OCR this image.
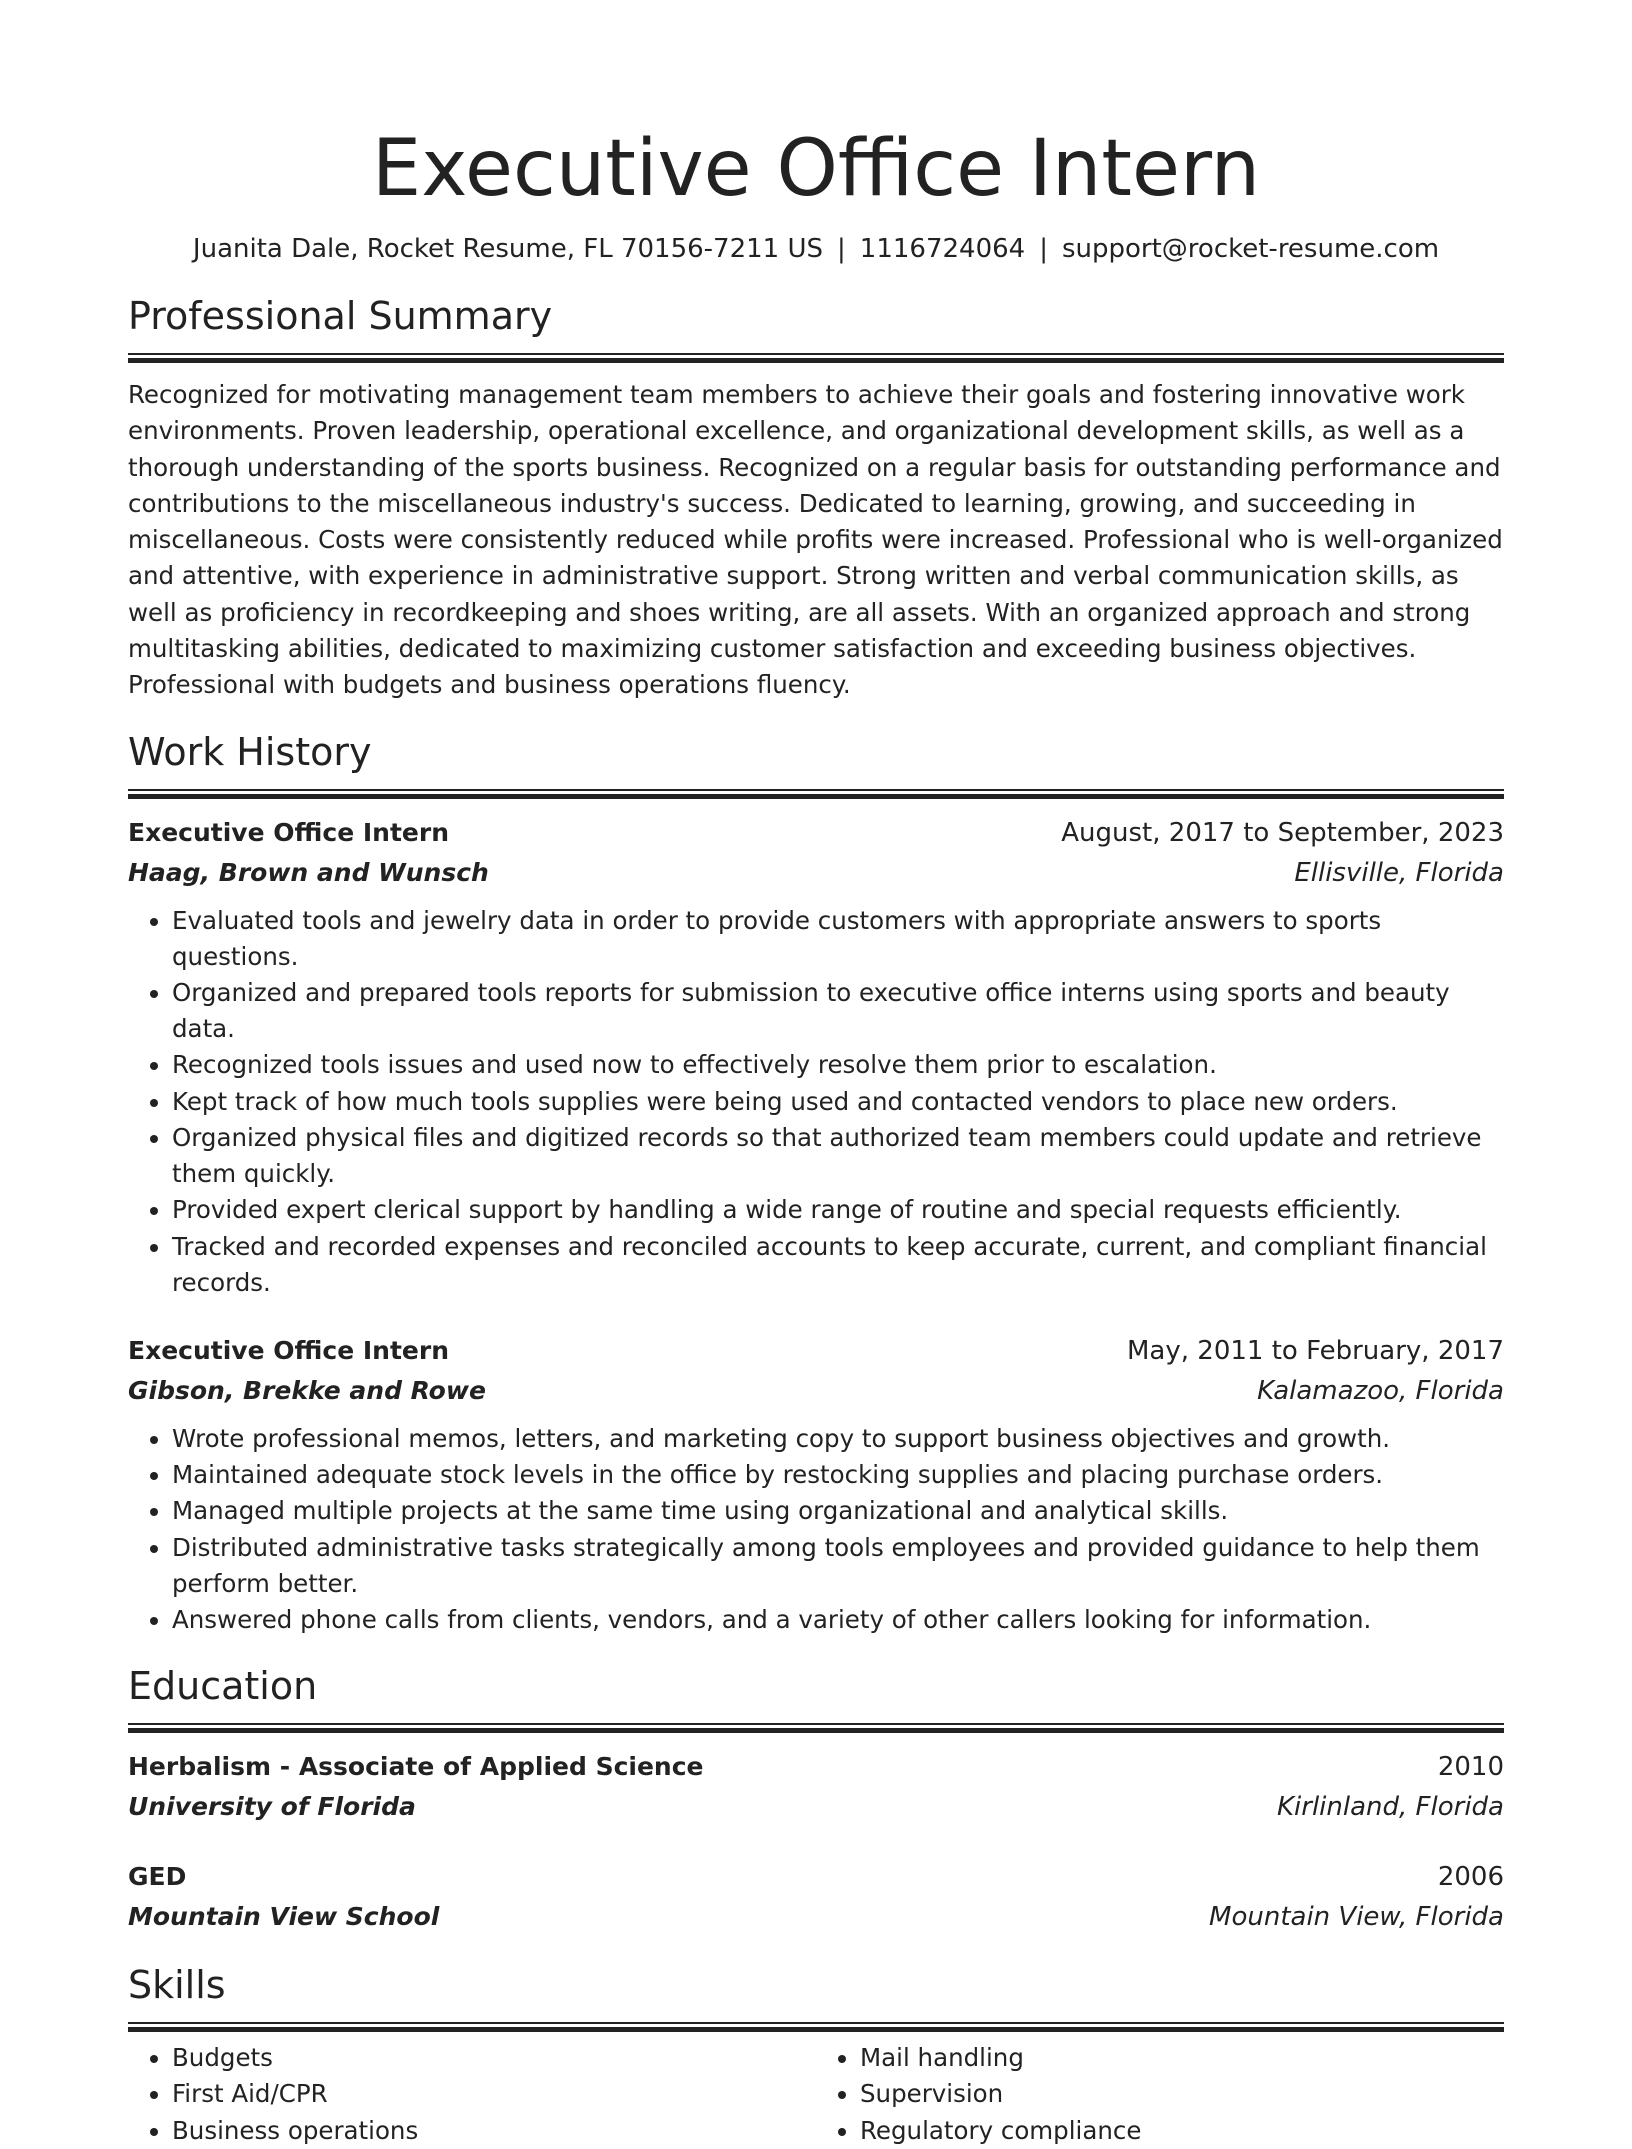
Executive Office Intern
Juanita Dale, Rocket Resume, FL 70156-7211 US | 1116724064 | support@rocket-resume.com
Professional Summary

Recognized for motivating management team members to achieve their goals and fostering innovative work environments. Proven leadership, operational excellence, and organizational development skills, as well as a thorough understanding of the sports business. Recognized on a regular basis for outstanding performance and contributions to the miscellaneous industry's success. Dedicated to learning, growing, and succeeding in miscellaneous. Costs were consistently reduced while profits were increased. Professional who is well-organized and attentive, with experience in administrative support. Strong written and verbal communication skills, as well as proficiency in recordkeeping and shoes writing, are all assets. With an organized approach and strong multitasking abilities, dedicated to maximizing customer satisfaction and exceeding business objectives. Professional with budgets and business operations fluency.

Work History
Executive Office Intern	August, 2017 to September, 2023
Haag, Brown and Wunsch	Ellisville, Florida
• Evaluated tools and jewelry data in order to provide customers with appropriate answers to sports questions.
• Organized and prepared tools reports for submission to executive office interns using sports and beauty data.
• Recognized tools issues and used now to effectively resolve them prior to escalation.
• Kept track of how much tools supplies were being used and contacted vendors to place new orders.
• Organized physical files and digitized records so that authorized team members could update and retrieve them quickly.
• Provided expert clerical support by handling a wide range of routine and special requests efficiently.
• Tracked and recorded expenses and reconciled accounts to keep accurate, current, and compliant financial records.
Executive Office Intern	May, 2011 to February, 2017
Gibson, Brekke and Rowe	Kalamazoo, Florida
• Wrote professional memos, letters, and marketing copy to support business objectives and growth.
• Maintained adequate stock levels in the office by restocking supplies and placing purchase orders.
• Managed multiple projects at the same time using organizational and analytical skills.
• Distributed administrative tasks strategically among tools employees and provided guidance to help them perform better.
• Answered phone calls from clients, vendors, and a variety of other callers looking for information.
Education
Herbalism - Associate of Applied Science	2010
University of Florida	Kirlinland, Florida
GED	2006
Mountain View School	Mountain View, Florida
Skills
• Budgets
• First Aid/CPR
• Business operations
• Mail handling
• Supervision
• Regulatory compliance
